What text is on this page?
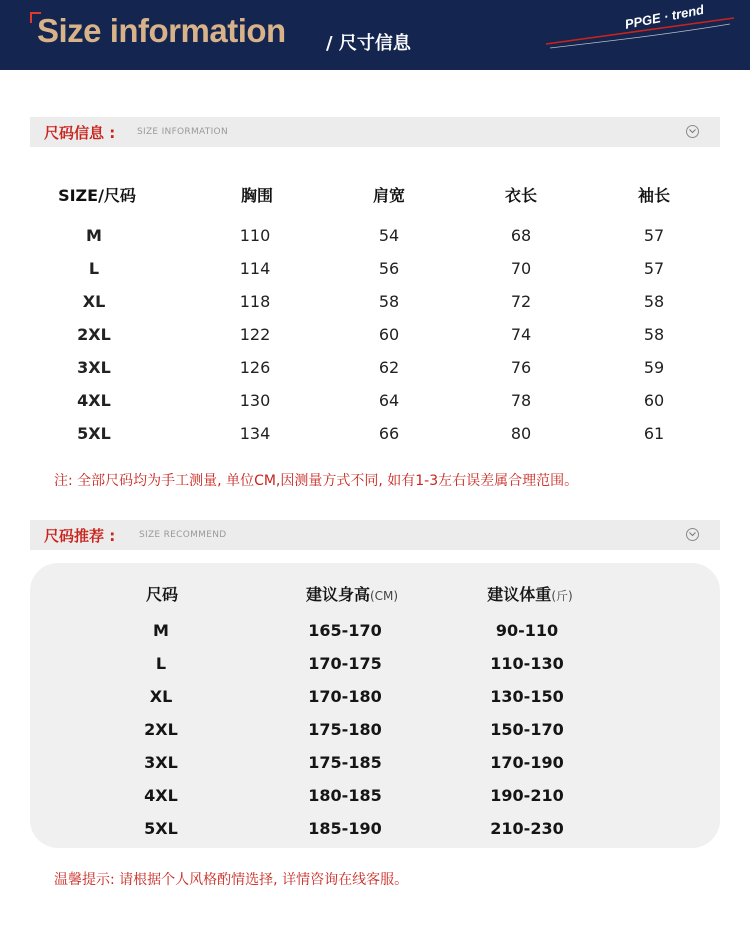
Size information / 尺寸信息
PPGE · trend
尺码信息 : SIZE INFORMATION
SIZE/尺码	胸围	肩宽	衣长	袖长
M	110	54	68	57
L	114	56	70	57
XL	118	58	72	58
2XL	122	60	74	58
3XL	126	62	76	59
4XL	130	64	78	60
5XL	134	66	80	61
注: 全部尺码均为手工测量, 单位CM,因测量方式不同, 如有1-3左右误差属合理范围。
尺码推荐 :	SIZE RECOMMEND
尺码	建议身高(CM)	建议体重(斤)
M	165-170	90-110
L	170-175	110-130
XL	170-180	130-150
2XL	175-180	150-170
3XL	175-185	170-190
4XL	180-185	190-210
5XL	185-190	210-230
温馨提示: 请根据个人风格酌情选择, 详情咨询在线客服。
